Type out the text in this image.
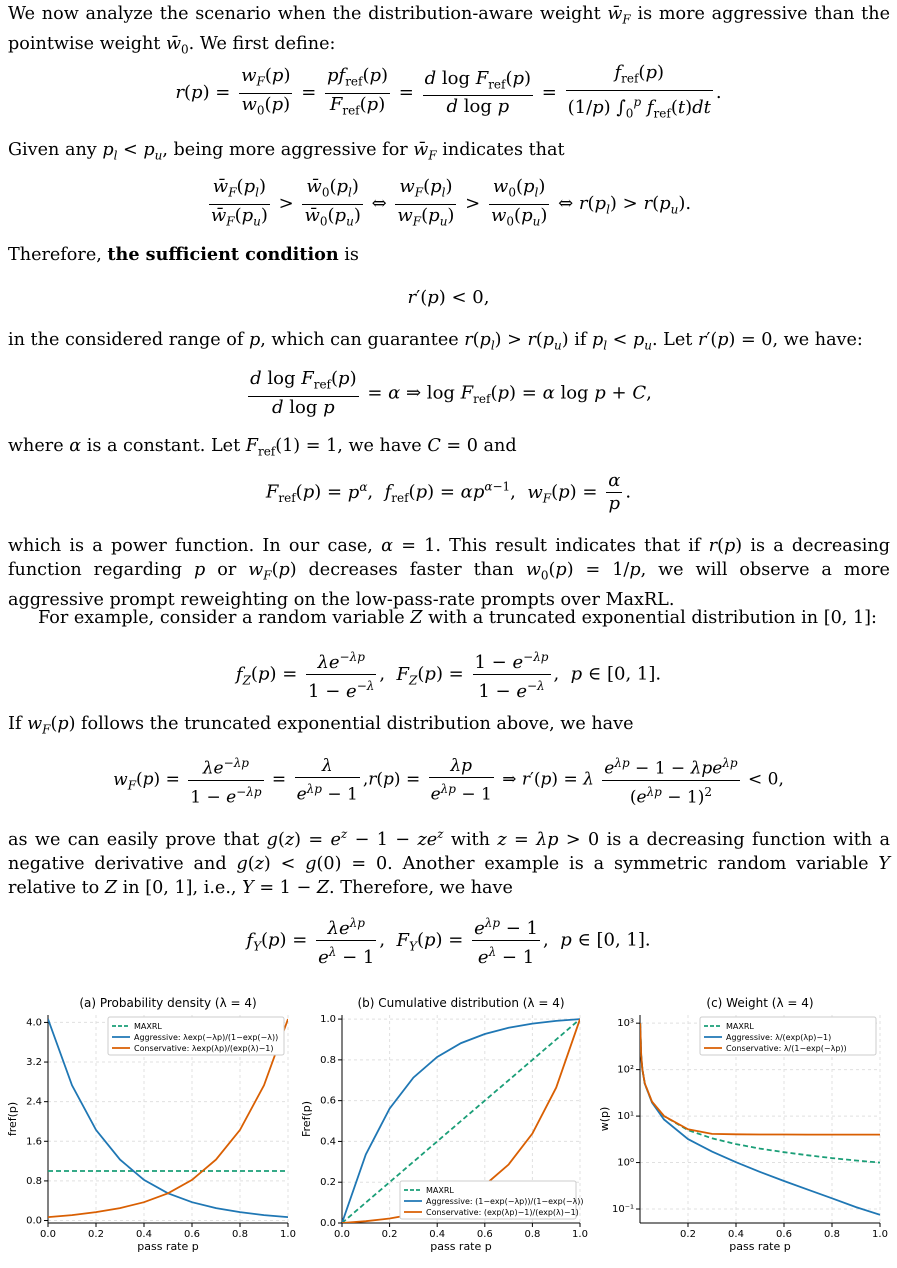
We now analyze the scenario when the distribution-aware weight $w̄_F$ is more aggressive than the pointwise weight $w̄_0$. We first define:
$r(p) = \frac{w_F(p)}{w_0(p)} = \frac{pf_{ref}(p)}{F_{ref}(p)} = \frac{d \log F_{ref}(p)}{\text{d log p}} = \frac{f_{ref}(p)}{(1/p) \int_0^p f_{ref}(t)dt}$ .
Given any $p_l < p_u$, being more aggressive for $w̄_F$ indicates that
$\frac{w̄_F(p_l)}{w̄_F(p_u)} > \frac{w̄_0(p_l)}{w̄_0(p_u)}$ ⇔ $\frac{w_F(p_l)}{w_F(p_u)} > \frac{w_0(p_l)}{w_0(p_u)}$ ⇔ $r(p_l) > r(p_u)$.
Therefore, the sufficient condition is
r′(p) < 0,
in the considered range of p, which can guarantee $r(p_l) > r(p_u)$ if $p_l < p_u$. Let r′(p) = 0, we have:
$\frac{d \log F_{ref}(p)}{\text{d log p}} = \alpha$ ⇒ $\log F_{ref}(p) = \alpha$ log p + C,
where α is a constant. Let $F_{ref}(1) = 1$, we have C = 0 and
$F_{ref}(p) = p^\alpha$,  $f_{ref}(p) = \alpha p^{\alpha-1}$,  $w_F(p) = \frac{\alpha}{p}$ .
which is a power function. In our case, α = 1. This result indicates that if r(p) is a decreasing function regarding p or $w_F(p)$ decreases faster than $w_0(p) = 1/p$, we will observe a more aggressive prompt reweighting on the low-pass-rate prompts over MaxRL.
For example, consider a random variable Z with a truncated exponential distribution in [0, 1]:
$f_Z(p) = \frac{\lambda e^{-\lambda p}}{1 - e^{-\lambda}}$ ,  $F_Z(p) = \frac{1 - e^{-\lambda p}}{1 - e^{-\lambda}}$ ,  p ∈ [0, 1].
If $w_F(p)$ follows the truncated exponential distribution above, we have
$w_F(p) = \frac{\lambda e^{-\lambda p}}{1 - e^{-\lambda p}} = \frac{\lambda}{e^{\lambda p} - 1} ,r(p) = \frac{\lambda p}{e^{\lambda p} - 1}$ ⇒ r′(p) = λ $\frac{e^{\lambda p} - 1 - \lambda pe^{\lambda p}}{(e^{\lambda p} - 1)^2} < 0$,
as we can easily prove that $g(z) = e^z - 1 - ze^z$ with z = λp > 0 is a decreasing function with a negative derivative and g(z) < g(0) = 0. Another example is a symmetric random variable Y relative to Z in [0, 1], i.e., Y = 1 − Z. Therefore, we have
$f_Y(p) = \frac{\lambda e^{\lambda p}}{e^\lambda - 1}$ ,  $F_Y(p) = \frac{e^{\lambda p} - 1}{e^\lambda - 1}$ ,  p ∈ [0, 1].
(a) Probability density (λ = 4)
0.0	0.2	0.4	0.6	0.8	1.0
0.0
0.8
1.6
2.4
3.2
4.0
pass rate p
fref(p)
MAXRL
Aggressive: λexp(−λp)/(1−exp(−λ))
Conservative: λexp(λp)/(exp(λ)−1)
(b) Cumulative distribution (λ = 4)
0.0	0.2	0.4	0.6	0.8	1.0
0.0
0.2
0.4
0.6
0.8
1.0
pass rate p
Fref(p)
MAXRL
Aggressive: (1−exp(−λp))/(1−exp(−λ))
Conservative: (exp(λp)−1)/(exp(λ)−1)
(c) Weight (λ = 4)
0.2	0.4	0.6	0.8	1.0
10⁻¹
10⁰
10¹
10²
10³
pass rate p
w(p)
MAXRL
Aggressive: λ/(exp(λp)−1)
Conservative: λ/(1−exp(−λp))
